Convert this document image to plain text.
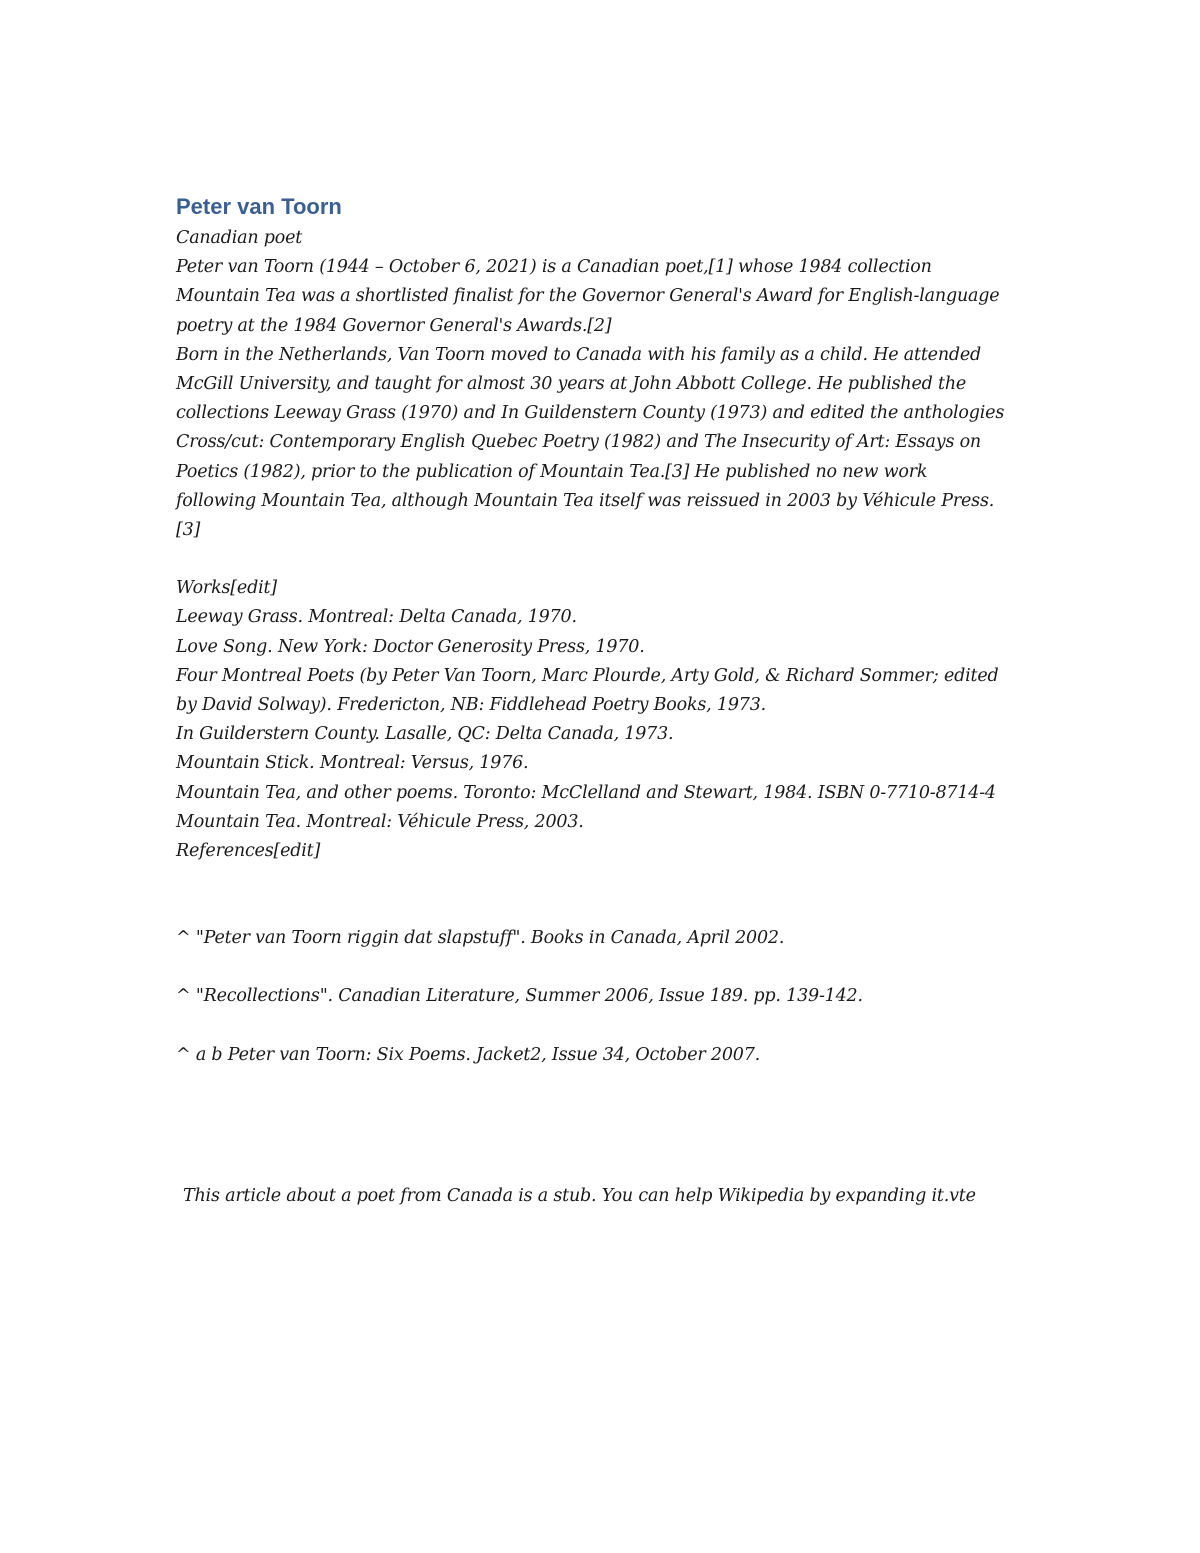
Peter van Toorn
Canadian poet
Peter van Toorn (1944 – October 6, 2021) is a Canadian poet,[1] whose 1984 collection
Mountain Tea was a shortlisted finalist for the Governor General's Award for English-language
poetry at the 1984 Governor General's Awards.[2]
Born in the Netherlands, Van Toorn moved to Canada with his family as a child. He attended
McGill University, and taught for almost 30 years at John Abbott College. He published the
collections Leeway Grass (1970) and In Guildenstern County (1973) and edited the anthologies
Cross/cut: Contemporary English Quebec Poetry (1982) and The Insecurity of Art: Essays on
Poetics (1982), prior to the publication of Mountain Tea.[3] He published no new work
following Mountain Tea, although Mountain Tea itself was reissued in 2003 by Véhicule Press.
[3]
Works[edit]
Leeway Grass. Montreal: Delta Canada, 1970.
Love Song. New York: Doctor Generosity Press, 1970.
Four Montreal Poets (by Peter Van Toorn, Marc Plourde, Arty Gold, & Richard Sommer; edited
by David Solway). Fredericton, NB: Fiddlehead Poetry Books, 1973.
In Guilderstern County. Lasalle, QC: Delta Canada, 1973.
Mountain Stick. Montreal: Versus, 1976.
Mountain Tea, and other poems. Toronto: McClelland and Stewart, 1984. ISBN 0-7710-8714-4
Mountain Tea. Montreal: Véhicule Press, 2003.
References[edit]
^ "Peter van Toorn riggin dat slapstuff". Books in Canada, April 2002.
^ "Recollections". Canadian Literature, Summer 2006, Issue 189. pp. 139-142.
^ a b Peter van Toorn: Six Poems. Jacket2, Issue 34, October 2007.
This article about a poet from Canada is a stub. You can help Wikipedia by expanding it.vte
